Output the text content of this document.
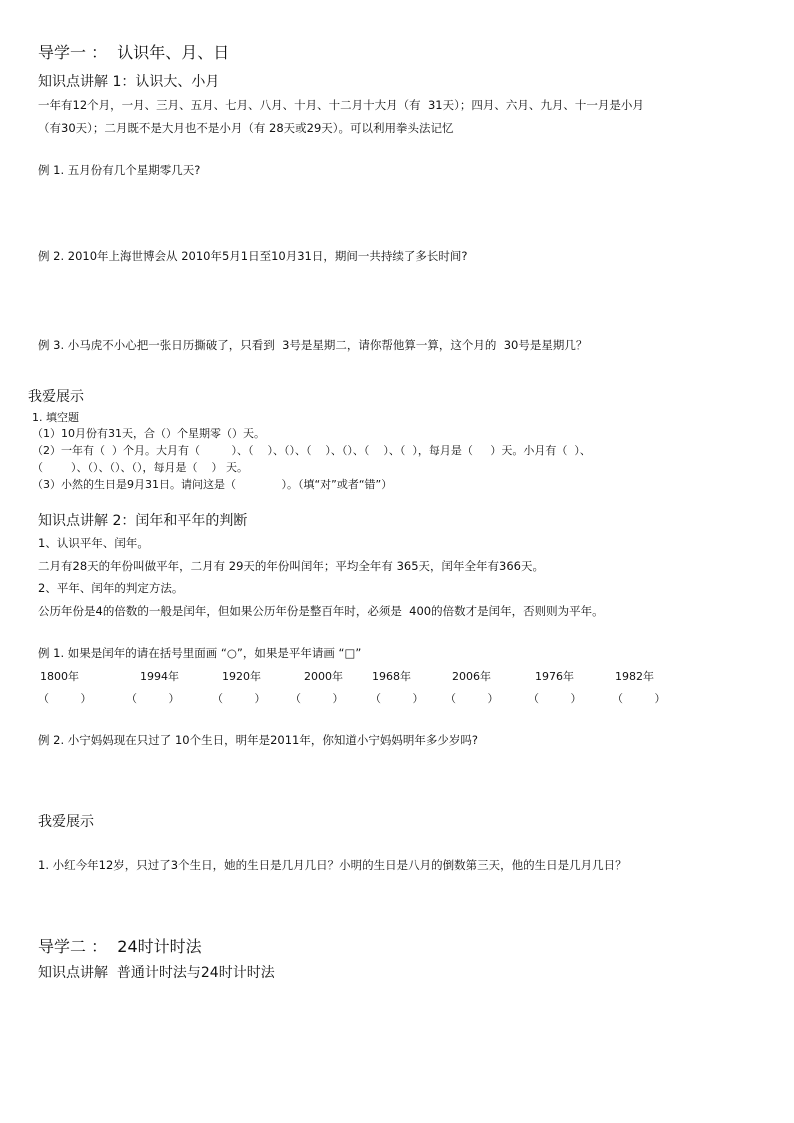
导学一 ：  认识年、月、日
知识点讲解 1：认识大、小月
一年有12个月，一月、三月、五月、七月、八月、十月、十二月十大月（有  31天）；四月、六月、九月、十一月是小月
（有30天）；二月既不是大月也不是小月（有 28天或29天）。可以利用拳头法记忆
例 1. 五月份有几个星期零几天?
例 2. 2010年上海世博会从 2010年5月1日至10月31日，期间一共持续了多长时间?
例 3. 小马虎不小心把一张日历撕破了，只看到  3号是星期二，请你帮他算一算，这个月的  30号是星期几？
我爱展示
1. 填空题
（1）10月份有31天，合（）个星期零（）天。
（2）一年有（  ）个月。大月有（         ）、（    ）、（）、（    ）、（）、（    ）、（  ），每月是（     ）天。小月有（  ）、
（        ）、（）、（）、（），每月是（    ） 天。
（3）小然的生日是9月31日。请问这是（             ）。（填“对”或者“错”）
知识点讲解 2：闰年和平年的判断
1、认识平年、闰年。
二月有28天的年份叫做平年，二月有 29天的年份叫闰年；平均全年有 365天，闰年全年有366天。
2、平年、闰年的判定方法。
公历年份是4的倍数的一般是闰年，但如果公历年份是整百年时，必须是  400的倍数才是闰年，否则则为平年。
例 1. 如果是闰年的请在括号里面画 “○”，如果是平年请画 “□”
1800年	1994年	1920年	2000年	1968年	2006年	1976年	1982年
（         ）	（         ）	（         ） （         ） （         ） （         ）	（         ）	（         ）
例 2. 小宁妈妈现在只过了 10个生日，明年是2011年，你知道小宁妈妈明年多少岁吗?
我爱展示
1. 小红今年12岁，只过了3个生日，她的生日是几月几日？小明的生日是八月的倒数第三天，他的生日是几月几日？
导学二 ：  24时计时法
知识点讲解  普通计时法与24时计时法
